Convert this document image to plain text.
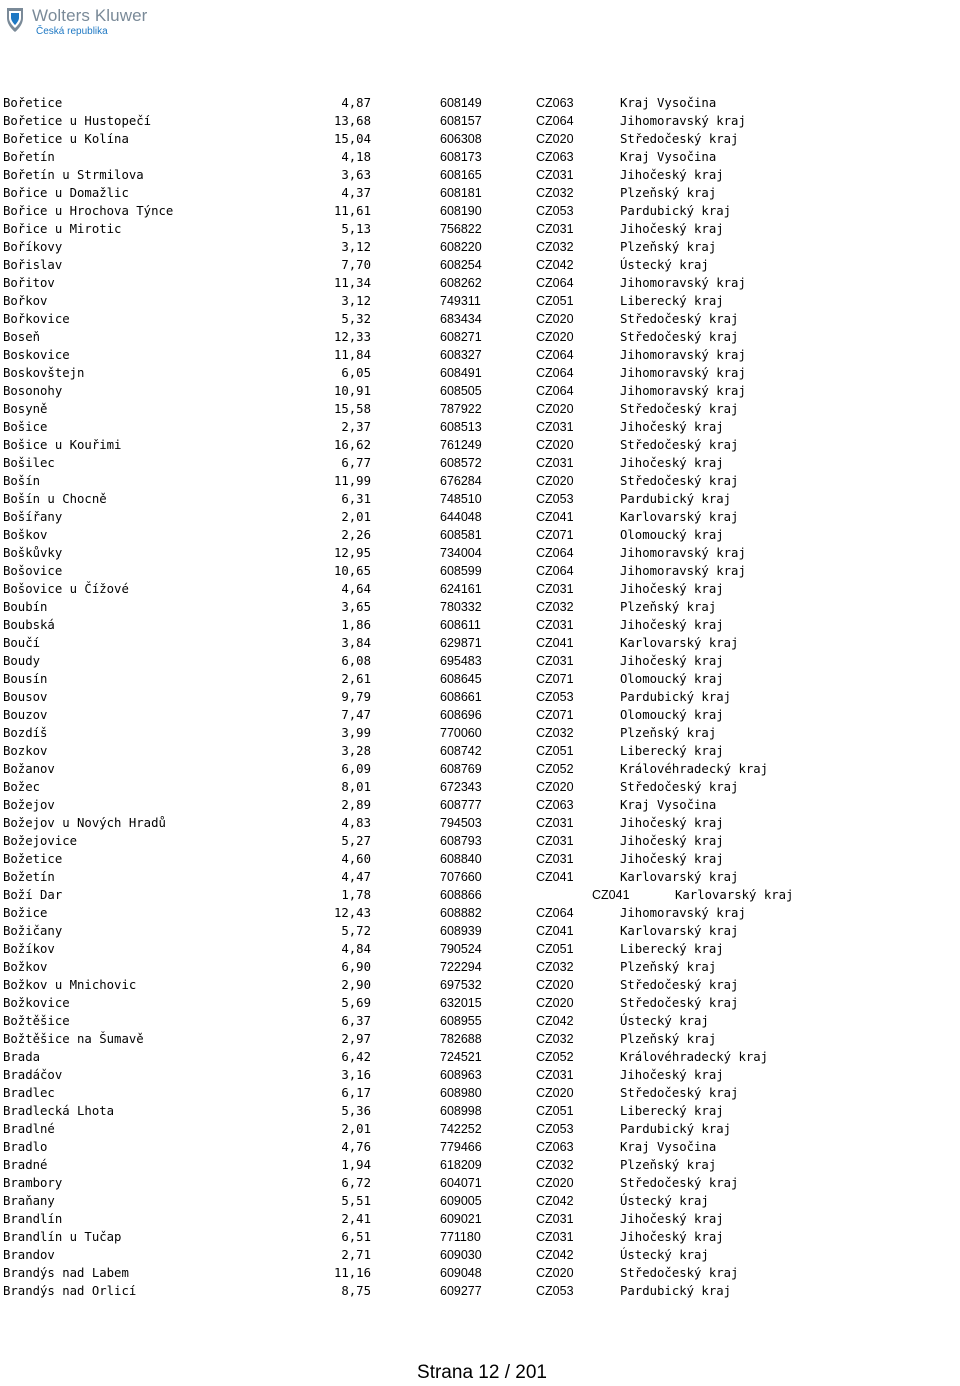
Wolters Kluwer
Česká republika
Bořetice	4,87	608149	CZ063	Kraj Vysočina
Bořetice u Hustopečí	13,68	608157	CZ064	Jihomoravský kraj
Bořetice u Kolína	15,04	606308	CZ020	Středočeský kraj
Bořetín	4,18	608173	CZ063	Kraj Vysočina
Bořetín u Strmilova	3,63	608165	CZ031	Jihočeský kraj
Bořice u Domažlic	4,37	608181	CZ032	Plzeňský kraj
Bořice u Hrochova Týnce	11,61	608190	CZ053	Pardubický kraj
Bořice u Mirotic	5,13	756822	CZ031	Jihočeský kraj
Boříkovy	3,12	608220	CZ032	Plzeňský kraj
Bořislav	7,70	608254	CZ042	Ústecký kraj
Bořitov	11,34	608262	CZ064	Jihomoravský kraj
Bořkov	3,12	749311	CZ051	Liberecký kraj
Bořkovice	5,32	683434	CZ020	Středočeský kraj
Boseň	12,33	608271	CZ020	Středočeský kraj
Boskovice	11,84	608327	CZ064	Jihomoravský kraj
Boskovštejn	6,05	608491	CZ064	Jihomoravský kraj
Bosonohy	10,91	608505	CZ064	Jihomoravský kraj
Bosyně	15,58	787922	CZ020	Středočeský kraj
Bošice	2,37	608513	CZ031	Jihočeský kraj
Bošice u Kouřimi	16,62	761249	CZ020	Středočeský kraj
Bošilec	6,77	608572	CZ031	Jihočeský kraj
Bošín	11,99	676284	CZ020	Středočeský kraj
Bošín u Chocně	6,31	748510	CZ053	Pardubický kraj
Bošířany	2,01	644048	CZ041	Karlovarský kraj
Boškov	2,26	608581	CZ071	Olomoucký kraj
Boškůvky	12,95	734004	CZ064	Jihomoravský kraj
Bošovice	10,65	608599	CZ064	Jihomoravský kraj
Bošovice u Čížové	4,64	624161	CZ031	Jihočeský kraj
Boubín	3,65	780332	CZ032	Plzeňský kraj
Boubská	1,86	608611	CZ031	Jihočeský kraj
Boučí	3,84	629871	CZ041	Karlovarský kraj
Boudy	6,08	695483	CZ031	Jihočeský kraj
Bousín	2,61	608645	CZ071	Olomoucký kraj
Bousov	9,79	608661	CZ053	Pardubický kraj
Bouzov	7,47	608696	CZ071	Olomoucký kraj
Bozdíš	3,99	770060	CZ032	Plzeňský kraj
Bozkov	3,28	608742	CZ051	Liberecký kraj
Božanov	6,09	608769	CZ052	Královéhradecký kraj
Božec	8,01	672343	CZ020	Středočeský kraj
Božejov	2,89	608777	CZ063	Kraj Vysočina
Božejov u Nových Hradů	4,83	794503	CZ031	Jihočeský kraj
Božejovice	5,27	608793	CZ031	Jihočeský kraj
Božetice	4,60	608840	CZ031	Jihočeský kraj
Božetín	4,47	707660	CZ041	Karlovarský kraj
Boží Dar	1,78	608866	CZ041	Karlovarský kraj
Božice	12,43	608882	CZ064	Jihomoravský kraj
Božičany	5,72	608939	CZ041	Karlovarský kraj
Božíkov	4,84	790524	CZ051	Liberecký kraj
Božkov	6,90	722294	CZ032	Plzeňský kraj
Božkov u Mnichovic	2,90	697532	CZ020	Středočeský kraj
Božkovice	5,69	632015	CZ020	Středočeský kraj
Božtěšice	6,37	608955	CZ042	Ústecký kraj
Božtěšice na Šumavě	2,97	782688	CZ032	Plzeňský kraj
Brada	6,42	724521	CZ052	Královéhradecký kraj
Bradáčov	3,16	608963	CZ031	Jihočeský kraj
Bradlec	6,17	608980	CZ020	Středočeský kraj
Bradlecká Lhota	5,36	608998	CZ051	Liberecký kraj
Bradlné	2,01	742252	CZ053	Pardubický kraj
Bradlo	4,76	779466	CZ063	Kraj Vysočina
Bradné	1,94	618209	CZ032	Plzeňský kraj
Brambory	6,72	604071	CZ020	Středočeský kraj
Braňany	5,51	609005	CZ042	Ústecký kraj
Brandlín	2,41	609021	CZ031	Jihočeský kraj
Brandlín u Tučap	6,51	771180	CZ031	Jihočeský kraj
Brandov	2,71	609030	CZ042	Ústecký kraj
Brandýs nad Labem	11,16	609048	CZ020	Středočeský kraj
Brandýs nad Orlicí	8,75	609277	CZ053	Pardubický kraj
Strana 12 / 201
